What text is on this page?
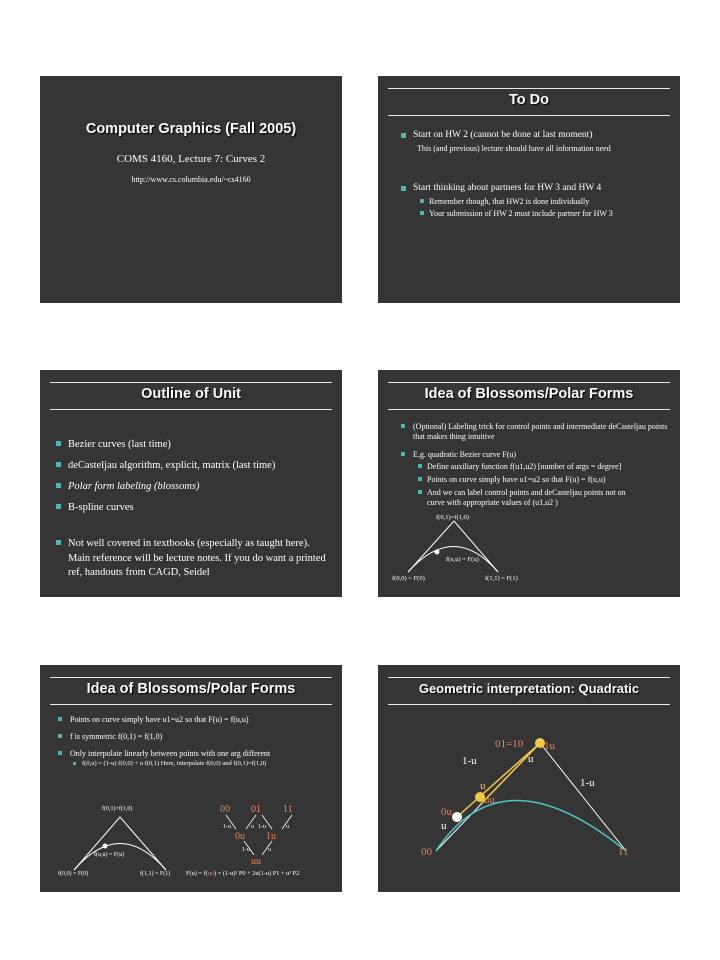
Computer Graphics (Fall 2005)
COMS 4160, Lecture 7: Curves 2
http://www.cs.columbia.edu/~cs4160
To Do
Start on HW 2 (cannot be done at last moment)
This (and previous) lecture should have all information need
Start thinking about partners for HW 3 and HW 4
Remember though, that HW2 is done individually
Your submission of HW 2 must include partner for HW 3
Outline of Unit
Bezier curves (last time)
deCasteljau algorithm, explicit, matrix (last time)
Polar form labeling (blossoms)
B-spline curves
Not well covered in textbooks (especially as taught here). Main reference will be lecture notes. If you do want a printed ref, handouts from CAGD, Seidel
Idea of Blossoms/Polar Forms
(Optional) Labeling trick for control points and intermediate deCasteljau points that makes thing intuitive
E.g. quadratic Bezier curve F(u)
Define auxiliary function f(u1,u2) [number of args = degree]
Points on curve simply have u1=u2 so that F(u) = f(u,u)
And we can label control points and deCasteljau points not on curve with appropriate values of (u1,u2 )
f(0,1)=f(1,0)
f(u,u) = F(u)
f(0,0) = F(0)	f(1,1) = F(1)
Idea of Blossoms/Polar Forms
Points on curve simply have u1=u2 so that F(u) = f(u,u)
f is symmetric f(0,1) = f(1,0)
Only interpolate linearly between points with one arg different
f(0,u) = (1-u) f(0,0) + u f(0,1) Here, interpolate f(0,0) and f(0,1)=f(1,0)
f(0,1)=f(1,0)
f(u,u) = F(u)
f(0,0) = F(0)	f(1,1) = F(1)
00 01 11
1-u	u 1-u	u
0u 1u
1-u	u
uu
F(u) = f(uu) = (1-u)² P0 + 2u(1-u) P1 + u² P2
Geometric interpretation: Quadratic
01=10
u
1u
1-u
1-u
u
uu
0u
u
00	11
